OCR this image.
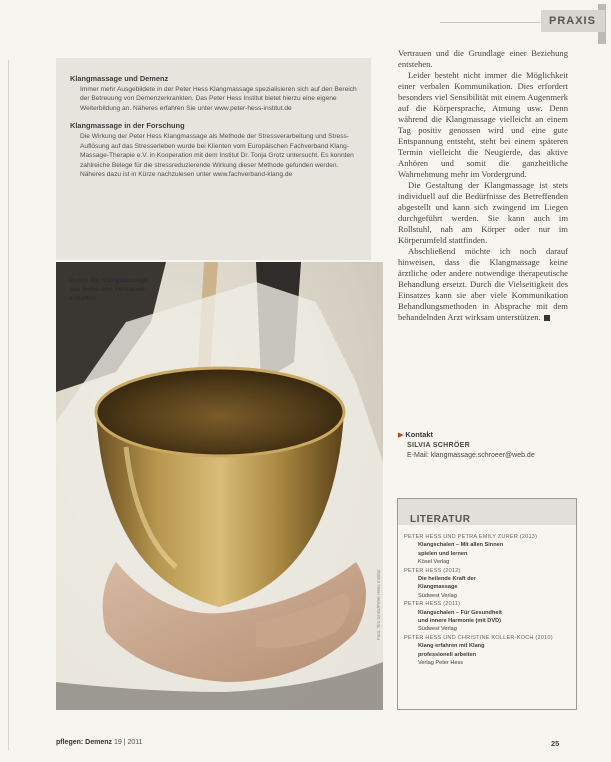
PRAXIS
Klangmassage und Demenz

Immer mehr Ausgebildete in der Peter Hess Klangmassage spezialisieren sich auf den Bereich der Betreuung von Demenzerkrankten. Das Peter Hess Institut bietet hierzu eine eigene Weiterbildung an. Näheres erfahren Sie unter www.peter-hess-institut.de

Klangmassage in der Forschung

Die Wirkung der Peter Hess Klangmassage als Methode der Stressverarbeitung und Stress-Auflösung auf das Stresserleben wurde bei Klienten vom Europäischen Fachverband Klang-Massage-Therapie e.V. in Kooperation mit dem Institut Dr. Tonja Grotz untersucht. Es konnten zahlreiche Belege für die stressreduzierende Wirkung dieser Methode gefunden werden. Näheres dazu ist in Kürze nachzulesen unter www.fachverband-klang.de

Durch die Klangmassage aus Ruhe und Vertrauen schaffen.
Foto: Tim Grotz/Peter Hess Institut

Vertrauen und die Grundlage einer Beziehung entstehen.

Leider besteht nicht immer die Möglichkeit einer verbalen Kommunikation. Dies erfordert besonders viel Sensibilität mit einem Augenmerk auf die Körpersprache, Atmung usw. Denn während die Klangmassage vielleicht an einem Tag positiv genossen wird und eine gute Entspannung entsteht, steht bei einem späteren Termin vielleicht die Neugierde, das aktive Anhören und somit die ganzheitliche Wahrnehmung mehr im Vordergrund.

Die Gestaltung der Klangmassage ist stets individuell auf die Bedürfnisse des Betreffenden abgestellt und kann sich zwingend im Liegen durchgeführt werden. Sie kann auch im Rollstuhl, nah am Körper oder nur im Körperumfeld stattfinden.

Abschließend möchte ich noch darauf hinweisen, dass die Klangmassage keine ärztliche oder andere notwendige therapeutische Behandlung ersetzt. Durch die Vielseitigkeit des Einsatzes kann sie aber viele Kommunikation Behandlungsmethoden in Absprache mit dem behandelnden Arzt wirksam unterstützen.

▶ Kontakt
SILVIA SCHRÖER
E-Mail: klangmassage.schroeer@web.de
LITERATUR
PETER HESS UND PETRA EMILY ZURER (2013)
Klangschalen – Mit allen Sinnen
spielen und lernen
Kösel Verlag
PETER HESS (2012)
Die heilende Kraft der
Klangmassage
Südwest Verlag
PETER HESS (2011)
Klangschalen – Für Gesundheit
und innere Harmonie (mit DVD)
Südwest Verlag
PETER HESS UND CHRISTINE KOLLER-KOCH (2010)
Klang erfahren mit Klang
professionell arbeiten
Verlag Peter Hess
pflegen: Demenz 19 | 2011	25
